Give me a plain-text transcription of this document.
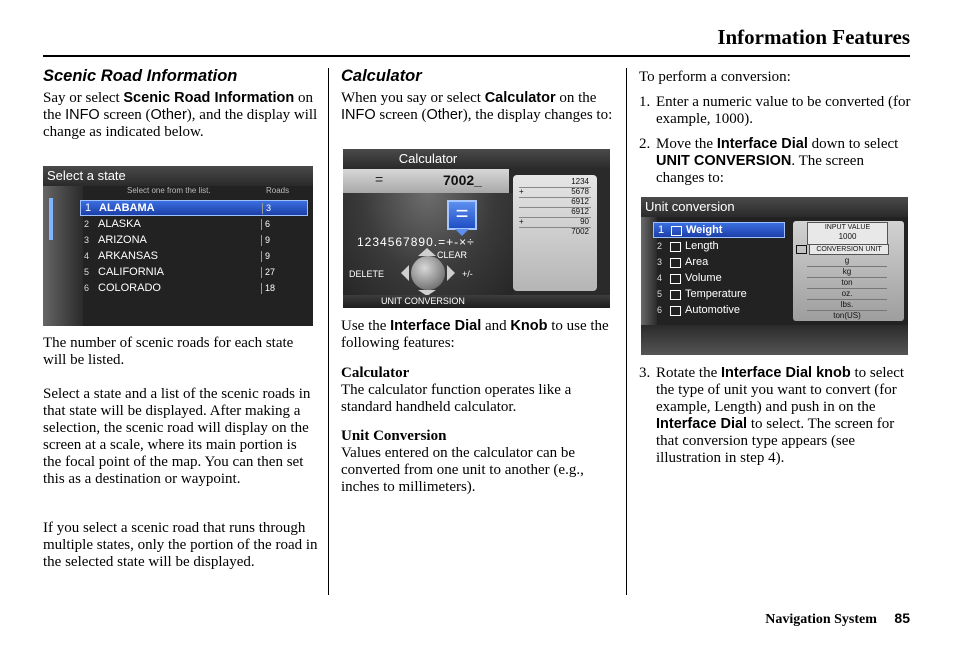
Information Features
Scenic Road Information

Say or select Scenic Road Information on the INFO screen (Other), and the display will change as indicated below.

Select a state
Select one from the list.	Roads
1 ALABAMA	3
2 ALASKA	6
3 ARIZONA	9
4 ARKANSAS	9
5 CALIFORNIA	27
6 COLORADO	18

The number of scenic roads for each state will be listed.

Select a state and a list of the scenic roads in that state will be displayed. After making a selection, the scenic road will display on the screen at a scale, where its main portion is the focal point of the map. You can then set this as a destination or waypoint.

If you select a scenic road that runs through multiple states, only the portion of the road in the selected state will be displayed.

Calculator

When you say or select Calculator on the INFO screen (Other), the display changes to:

Calculator
=	7002_
=
1234567890.=+-×÷
CLEAR
DELETE	+/-
UNIT CONVERSION
1234
+	5678
6912
6912
+	90
7002

Use the Interface Dial and Knob to use the following features:

Calculator

The calculator function operates like a standard handheld calculator.

Unit Conversion

Values entered on the calculator can be converted from one unit to another (e.g., inches to millimeters).

To perform a conversion:

1. Enter a numeric value to be converted (for example, 1000).

2. Move the Interface Dial down to select UNIT CONVERSION. The screen changes to:

Unit conversion
1	Weight
2	Length
3	Area
4	Volume
5	Temperature
6	Automotive
INPUT VALUE
1000
CONVERSION UNIT
g
kg
ton
oz.
lbs.
ton(US)
3. Rotate the Interface Dial knob to select the type of unit you want to convert (for example, Length) and push in on the Interface Dial to select. The screen for that conversion type appears (see illustration in step 4).

Navigation System 85
